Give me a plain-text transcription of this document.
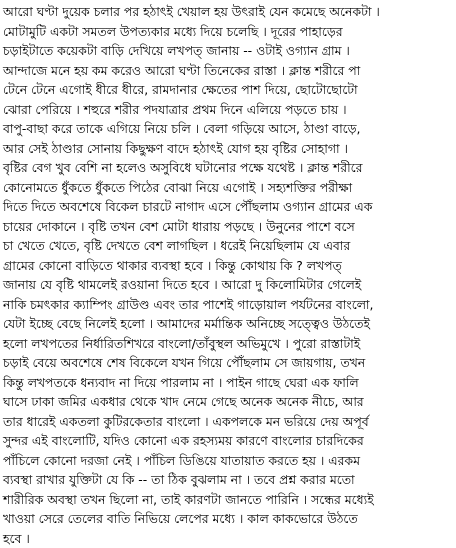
আরো ঘণ্টা দুয়েক চলার পর হঠাৎই খেয়াল হয় উৎরাই যেন কমেছে অনেকটা ।
মোটামুটি একটা সমতল উপত্যকার মধ্যে দিয়ে চলেছি । দূরের পাহাড়ের
চড়াইটাতে কয়েকটা বাড়ি দেখিয়ে লখপত্ জানায় -- ওটাই ওগ্যান গ্রাম ।
আন্দাজে মনে হয় কম করেও আরো ঘণ্টা তিনেকের রাস্তা । ক্লান্ত শরীরে পা
টেনে টেনে এগোই ধীরে ধীরে, রামদানার ক্ষেতের পাশ দিয়ে, ছোটোছোটো
ঝোরা পেরিয়ে । শহুরে শরীর পদযাত্রার প্রথম দিনে এলিয়ে পড়তে চায় ।
বাপু-বাছা করে তাকে এগিয়ে নিয়ে চলি । বেলা গড়িয়ে আসে, ঠাণ্ডা বাড়ে,
আর সেই ঠাণ্ডার সোনায় কিছুক্ষণ বাদে হঠাৎই যোগ হয় বৃষ্টির সোহাগা ।
বৃষ্টির বেগ খুব বেশি না হলেও অসুবিধে ঘটানোর পক্ষে যথেষ্ট । ক্লান্ত শরীরে
কোনোমতে ধুঁকতে ধুঁকতে পিঠের বোঝা নিয়ে এগোই । সহ্যশক্তির পরীক্ষা
দিতে দিতে অবশেষে বিকেল চারটে নাগাদ এসে পৌঁছলাম ওগ্যান গ্রামের এক
চায়ের দোকানে । বৃষ্টি তখন বেশ মোটা ধারায় পড়ছে । উনুনের পাশে বসে
চা খেতে খেতে, বৃষ্টি দেখতে বেশ লাগছিল । ধরেই নিয়েছিলাম যে এবার
গ্রামের কোনো বাড়িতে থাকার ব্যবস্থা হবে । কিন্তু কোথায় কি ? লখপত্
জানায় যে বৃষ্টি থামলেই রওয়ানা দিতে হবে । আরো দু কিলোমিটার গেলেই
নাকি চমৎকার ক্যাম্পিং গ্রাউণ্ড এবং তার পাশেই গাড়োয়াল পর্যটনের বাংলো,
যেটা ইচ্ছে বেছে নিলেই হলো । আমাদের মর্মান্তিক অনিচ্ছে সত্ত্বেও উঠতেই
হলো লখপতের নির্ধারিতশিখরে বাংলো/তাঁবুস্থল অভিমুখে । পুরো রাস্তাটাই
চড়াই বেয়ে অবশেষে শেষ বিকেলে যখন গিয়ে পৌঁছলাম সে জায়গায়, তখন
কিন্তু লখপতকে ধন্যবাদ না দিয়ে পারলাম না । পাইন গাছে ঘেরা এক ফালি
ঘাসে ঢাকা জমির একধার থেকে খাদ নেমে গেছে অনেক অনেক নীচে, আর
তার ধারেই একতলা কুটিরকেতার বাংলো । একপলকে মন ভরিয়ে দেয় অপূর্ব
সুন্দর এই বাংলোটি, যদিও কোনো এক রহস্যময় কারণে বাংলোর চারদিকের
পাঁচিলে কোনো দরজা নেই । পাঁচিল ডিঙিয়ে যাতায়াত করতে হয় । এরকম
ব্যবস্থা রাখার যুক্তিটা যে কি -- তা ঠিক বুঝলাম না । তবে প্রশ্ন করার মতো
শারীরিক অবস্থা তখন ছিলো না, তাই কারণটা জানতে পারিনি । সন্ধের মধ্যেই
খাওয়া সেরে তেলের বাতি নিভিয়ে লেপের মধ্যে । কাল কাকভোরে উঠতে
হবে ।
